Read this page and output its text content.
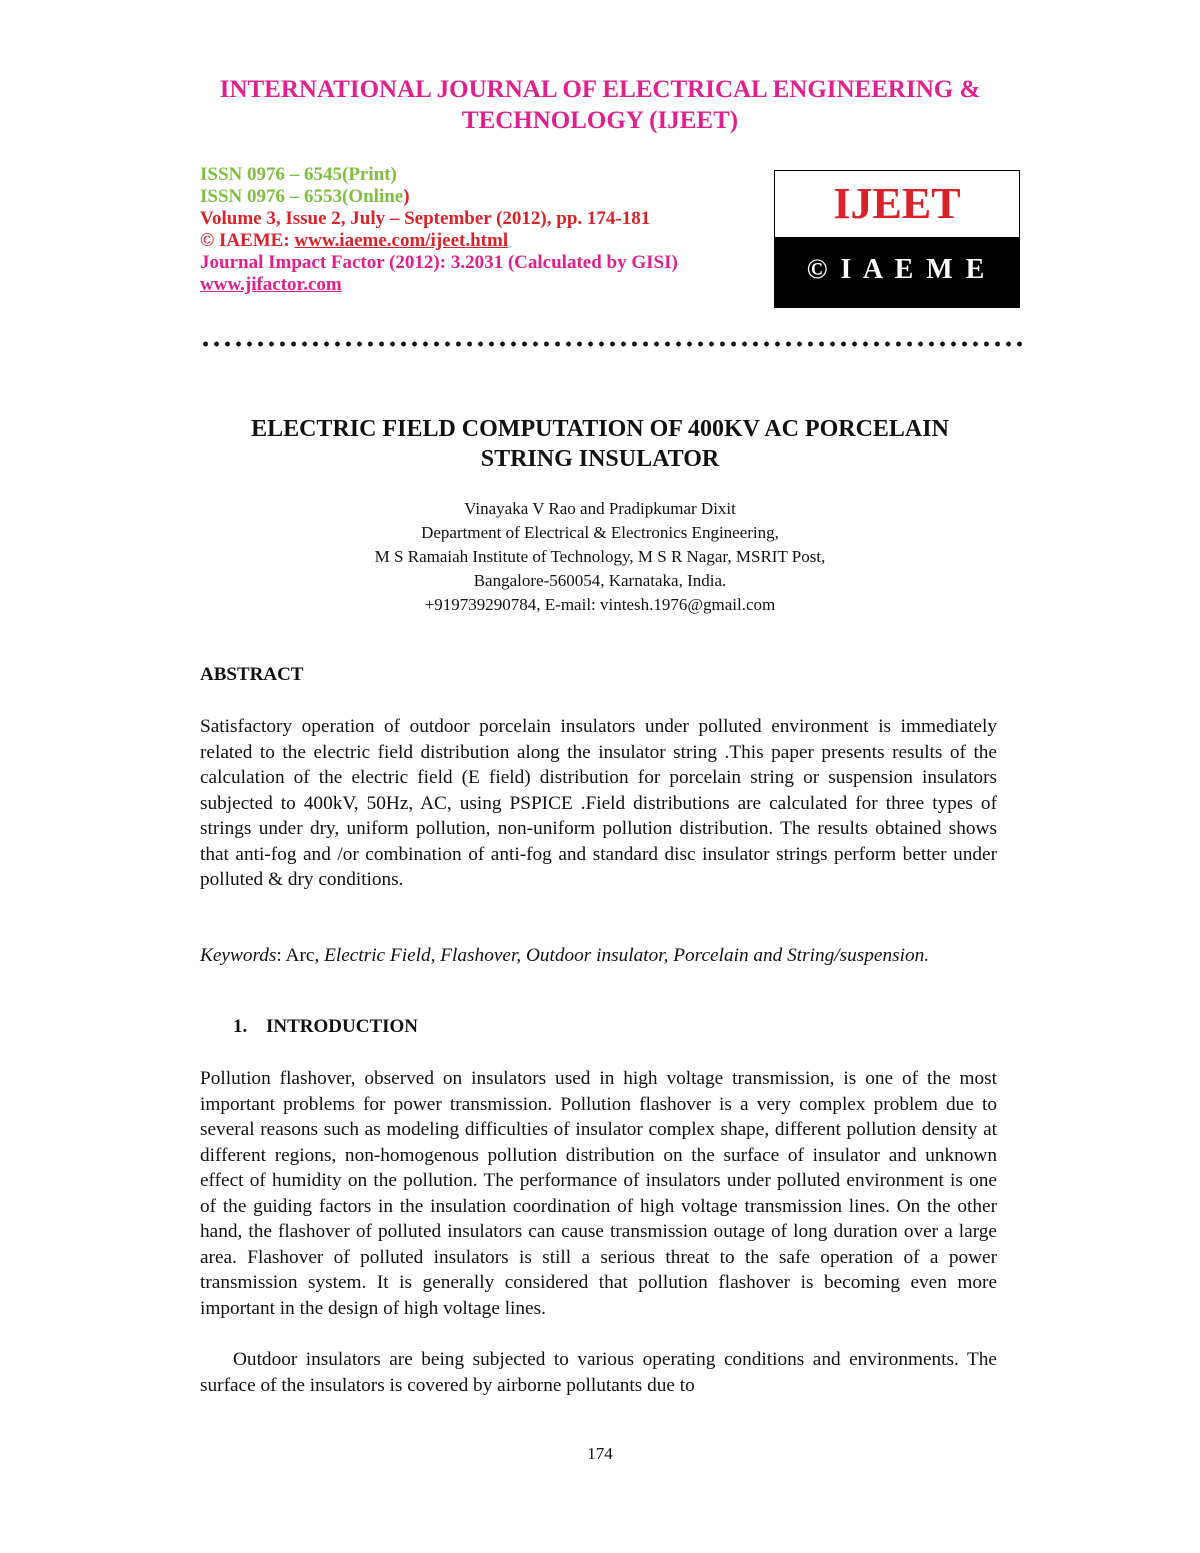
INTERNATIONAL JOURNAL OF ELECTRICAL ENGINEERING &
TECHNOLOGY (IJEET)
ISSN 0976 – 6545(Print)
ISSN 0976 – 6553(Online)
Volume 3, Issue 2, July – September (2012), pp. 174-181
© IAEME: www.iaeme.com/ijeet.html
Journal Impact Factor (2012): 3.2031 (Calculated by GISI)
www.jifactor.com
IJEET
© I A E M E
ELECTRIC FIELD COMPUTATION OF 400KV AC PORCELAIN
STRING INSULATOR
Vinayaka V Rao and Pradipkumar Dixit
Department of Electrical & Electronics Engineering,
M S Ramaiah Institute of Technology, M S R Nagar, MSRIT Post,
Bangalore-560054, Karnataka, India.
+919739290784, E-mail: vintesh.1976@gmail.com
ABSTRACT

Satisfactory operation of outdoor porcelain insulators under polluted environment is immediately related to the electric field distribution along the insulator string .This paper presents results of the calculation of the electric field (E field) distribution for porcelain string or suspension insulators subjected to 400kV, 50Hz, AC, using PSPICE .Field distributions are calculated for three types of strings under dry, uniform pollution, non-uniform pollution distribution. The results obtained shows that anti-fog and /or combination of anti-fog and standard disc insulator strings perform better under polluted & dry conditions.

Keywords: Arc, Electric Field, Flashover, Outdoor insulator, Porcelain and String/suspension.

1. INTRODUCTION

Pollution flashover, observed on insulators used in high voltage transmission, is one of the most important problems for power transmission. Pollution flashover is a very complex problem due to several reasons such as modeling difficulties of insulator complex shape, different pollution density at different regions, non-homogenous pollution distribution on the surface of insulator and unknown effect of humidity on the pollution. The performance of insulators under polluted environment is one of the guiding factors in the insulation coordination of high voltage transmission lines. On the other hand, the flashover of polluted insulators can cause transmission outage of long duration over a large area. Flashover of polluted insulators is still a serious threat to the safe operation of a power transmission system. It is generally considered that pollution flashover is becoming even more important in the design of high voltage lines.

Outdoor insulators are being subjected to various operating conditions and environments. The surface of the insulators is covered by airborne pollutants due to

174
